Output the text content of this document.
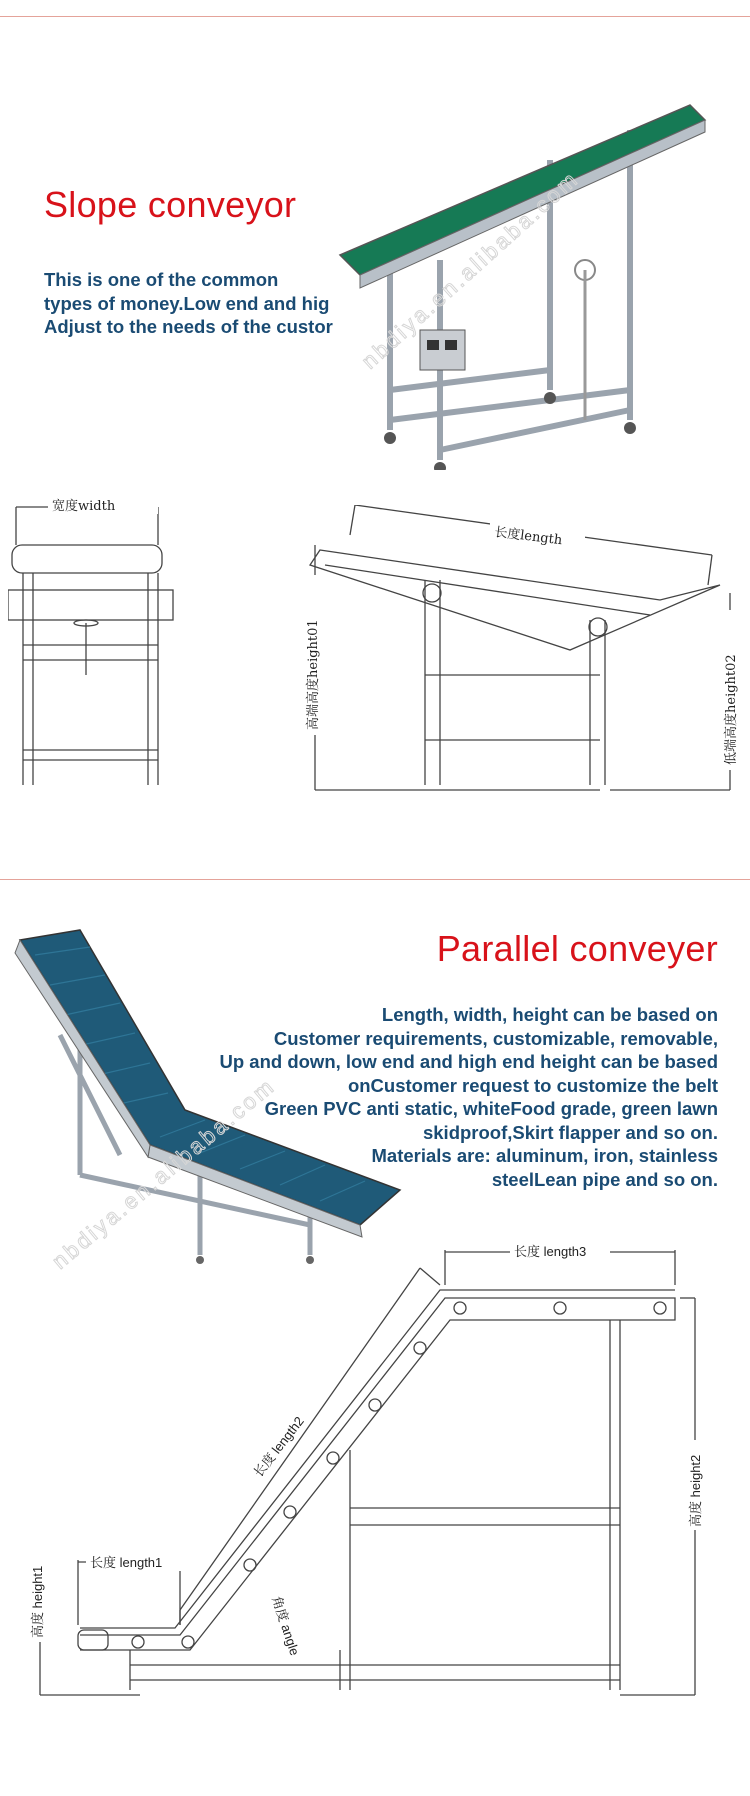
Slope conveyor
This is one of the common
types of money.Low end and hig
Adjust to the needs of the custor nbdiya.en.alibaba.com
宽度width
长度length
高端高度height01	低端高度height02
Parallel conveyer
nbdiya.en.alibaba.com
Length, width, height can be based on
Customer requirements, customizable, removable,
Up and down, low end and high end height can be based
onCustomer request to customize the belt
Green PVC anti static, whiteFood grade, green lawn
skidproof,Skirt flapper and so on.
Materials are: aluminum, iron, stainless
steelLean pipe and so on.
长度 length3
长度 length1
长度 length2
高度 height1
高度 height2
角度 angle
